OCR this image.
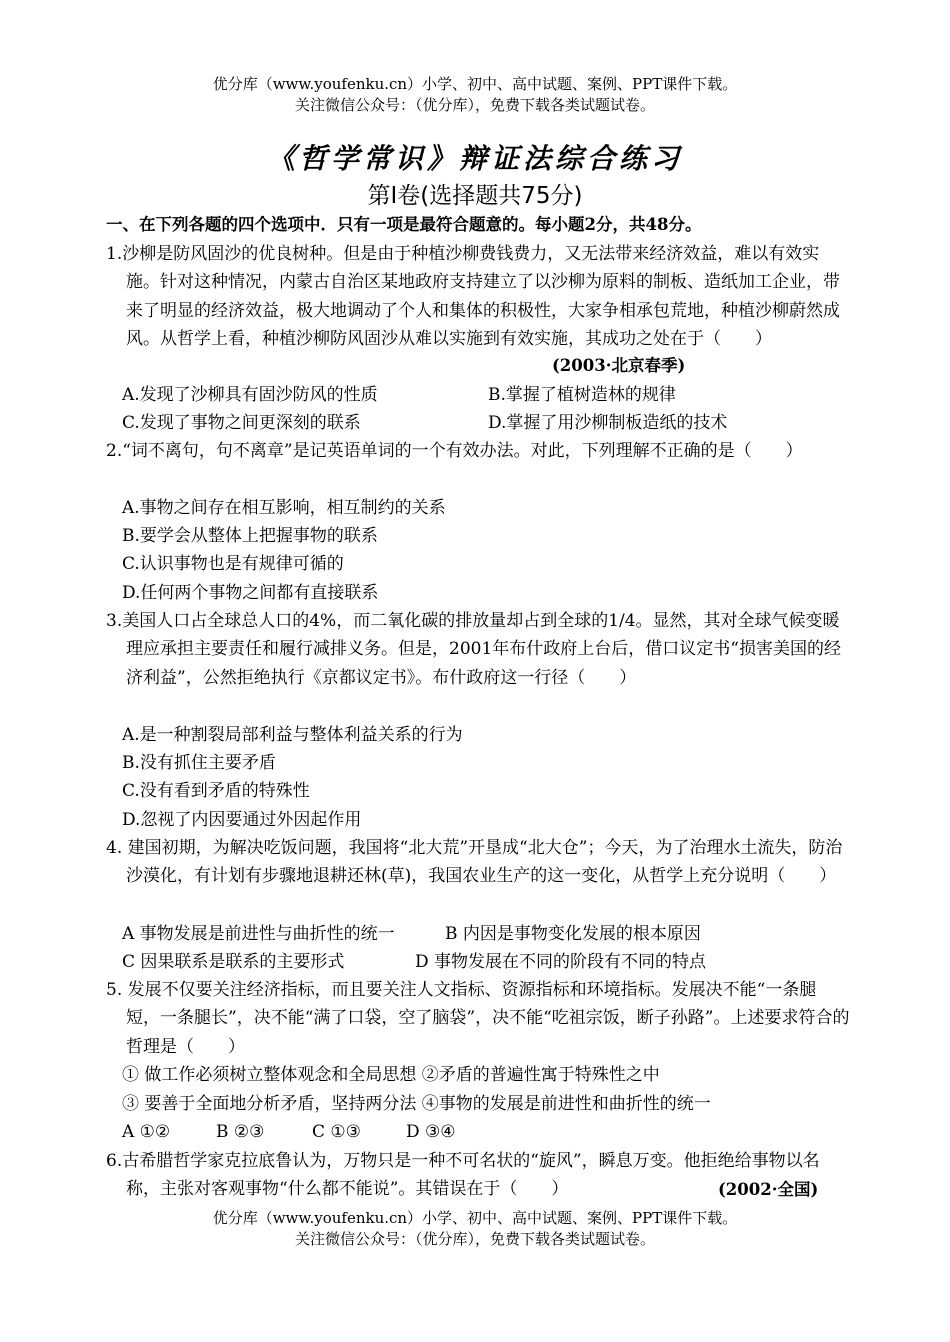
优分库（www.youfenku.cn）小学、初中、高中试题、案例、PPT课件下载。
关注微信公众号：（优分库），免费下载各类试题试卷。
《哲学常识》辩证法综合练习
第Ⅰ卷(选择题共75分)
一、在下列各题的四个选项中．只有一项是最符合题意的。每小题2分，共48分。
1.沙柳是防风固沙的优良树种。但是由于种植沙柳费钱费力，又无法带来经济效益，难以有效实施。针对这种情况，内蒙古自治区某地政府支持建立了以沙柳为原料的制板、造纸加工企业，带来了明显的经济效益，极大地调动了个人和集体的积极性，大家争相承包荒地，种植沙柳蔚然成风。从哲学上看，种植沙柳防风固沙从难以实施到有效实施，其成功之处在于（　　）
(2003·北京春季)
A.发现了沙柳具有固沙防风的性质	B.掌握了植树造林的规律
C.发现了事物之间更深刻的联系	D.掌握了用沙柳制板造纸的技术
2.“词不离句，句不离章”是记英语单词的一个有效办法。对此，下列理解不正确的是（　　）
A.事物之间存在相互影响，相互制约的关系
B.要学会从整体上把握事物的联系
C.认识事物也是有规律可循的
D.任何两个事物之间都有直接联系
3.美国人口占全球总人口的4%，而二氧化碳的排放量却占到全球的1/4。显然，其对全球气候变暖理应承担主要责任和履行减排义务。但是，2001年布什政府上台后，借口议定书“损害美国的经济利益”，公然拒绝执行《京都议定书》。布什政府这一行径（　　）
A.是一种割裂局部利益与整体利益关系的行为
B.没有抓住主要矛盾
C.没有看到矛盾的特殊性
D.忽视了内因要通过外因起作用
4. 建国初期，为解决吃饭问题，我国将“北大荒”开垦成“北大仓”；今天，为了治理水土流失，防治沙漠化，有计划有步骤地退耕还林(草)，我国农业生产的这一变化，从哲学上充分说明（　　）
A 事物发展是前进性与曲折性的统一	B 内因是事物变化发展的根本原因
C 因果联系是联系的主要形式	D 事物发展在不同的阶段有不同的特点
5. 发展不仅要关注经济指标，而且要关注人文指标、资源指标和环境指标。发展决不能“一条腿短，一条腿长”，决不能“满了口袋，空了脑袋”，决不能“吃祖宗饭，断子孙路”。上述要求符合的哲理是（　　）
① 做工作必须树立整体观念和全局思想 ②矛盾的普遍性寓于特殊性之中
③ 要善于全面地分析矛盾，坚持两分法 ④事物的发展是前进性和曲折性的统一
A ①②	B ②③	C ①③	D ③④
6.古希腊哲学家克拉底鲁认为，万物只是一种不可名状的“旋风”，瞬息万变。他拒绝给事物以名称，主张对客观事物“什么都不能说”。其错误在于（　　）	(2002·全国)
优分库（www.youfenku.cn）小学、初中、高中试题、案例、PPT课件下载。
关注微信公众号：（优分库），免费下载各类试题试卷。
